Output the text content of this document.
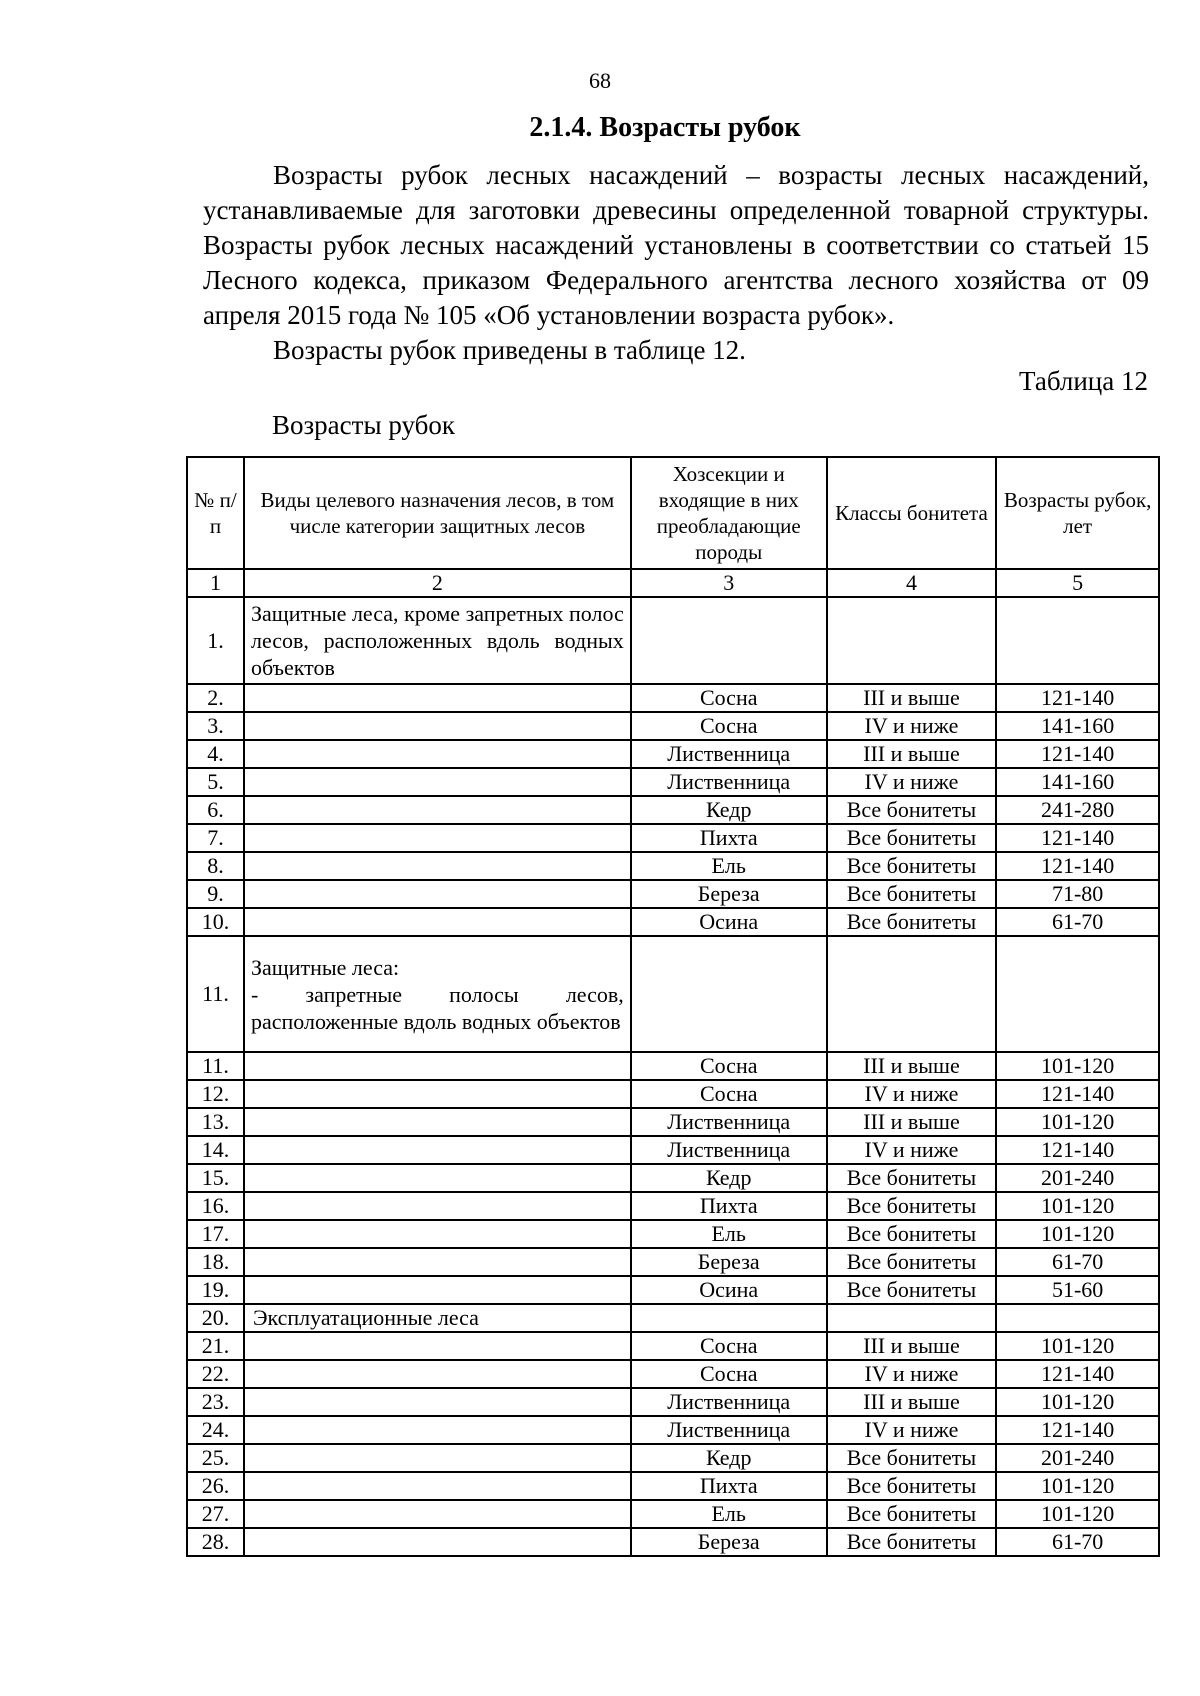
68
2.1.4. Возрасты рубок

Возрасты рубок лесных насаждений – возрасты лесных насаждений, устанавливаемые для заготовки древесины определенной товарной структуры. Возрасты рубок лесных насаждений установлены в соответствии со статьей 15 Лесного кодекса, приказом Федерального агентства лесного хозяйства от 09 апреля 2015 года № 105 «Об установлении возраста рубок».

Возрасты рубок приведены в таблице 12.

Таблица 12
Возрасты рубок
№ п/п	Виды целевого назначения лесов, в том числе категории защитных лесов	Хозсекции и входящие в них преобладающие породы	Классы бонитета	Возрасты рубок, лет
1	2	3	4	5
1.	Защитные леса, кроме запретных полос лесов, расположенных вдоль водных объектов			
2.		Сосна	III и выше	121-140
3.		Сосна	IV и ниже	141-160
4.		Лиственница	III и выше	121-140
5.		Лиственница	IV и ниже	141-160
6.		Кедр	Все бонитеты	241-280
7.		Пихта	Все бонитеты	121-140
8.		Ель	Все бонитеты	121-140
9.		Береза	Все бонитеты	71-80
10.		Осина	Все бонитеты	61-70
11.	Защитные леса:
- запретные полосы лесов, расположенные вдоль водных объектов			

11.		Сосна	III и выше	101-120
12.		Сосна	IV и ниже	121-140
13.		Лиственница	III и выше	101-120
14.		Лиственница	IV и ниже	121-140
15.		Кедр	Все бонитеты	201-240
16.		Пихта	Все бонитеты	101-120
17.		Ель	Все бонитеты	101-120
18.		Береза	Все бонитеты	61-70
19.		Осина	Все бонитеты	51-60
20.	Эксплуатационные леса			
21.		Сосна	III и выше	101-120
22.		Сосна	IV и ниже	121-140
23.		Лиственница	III и выше	101-120
24.		Лиственница	IV и ниже	121-140
25.		Кедр	Все бонитеты	201-240
26.		Пихта	Все бонитеты	101-120
27.		Ель	Все бонитеты	101-120
28.		Береза	Все бонитеты	61-70
